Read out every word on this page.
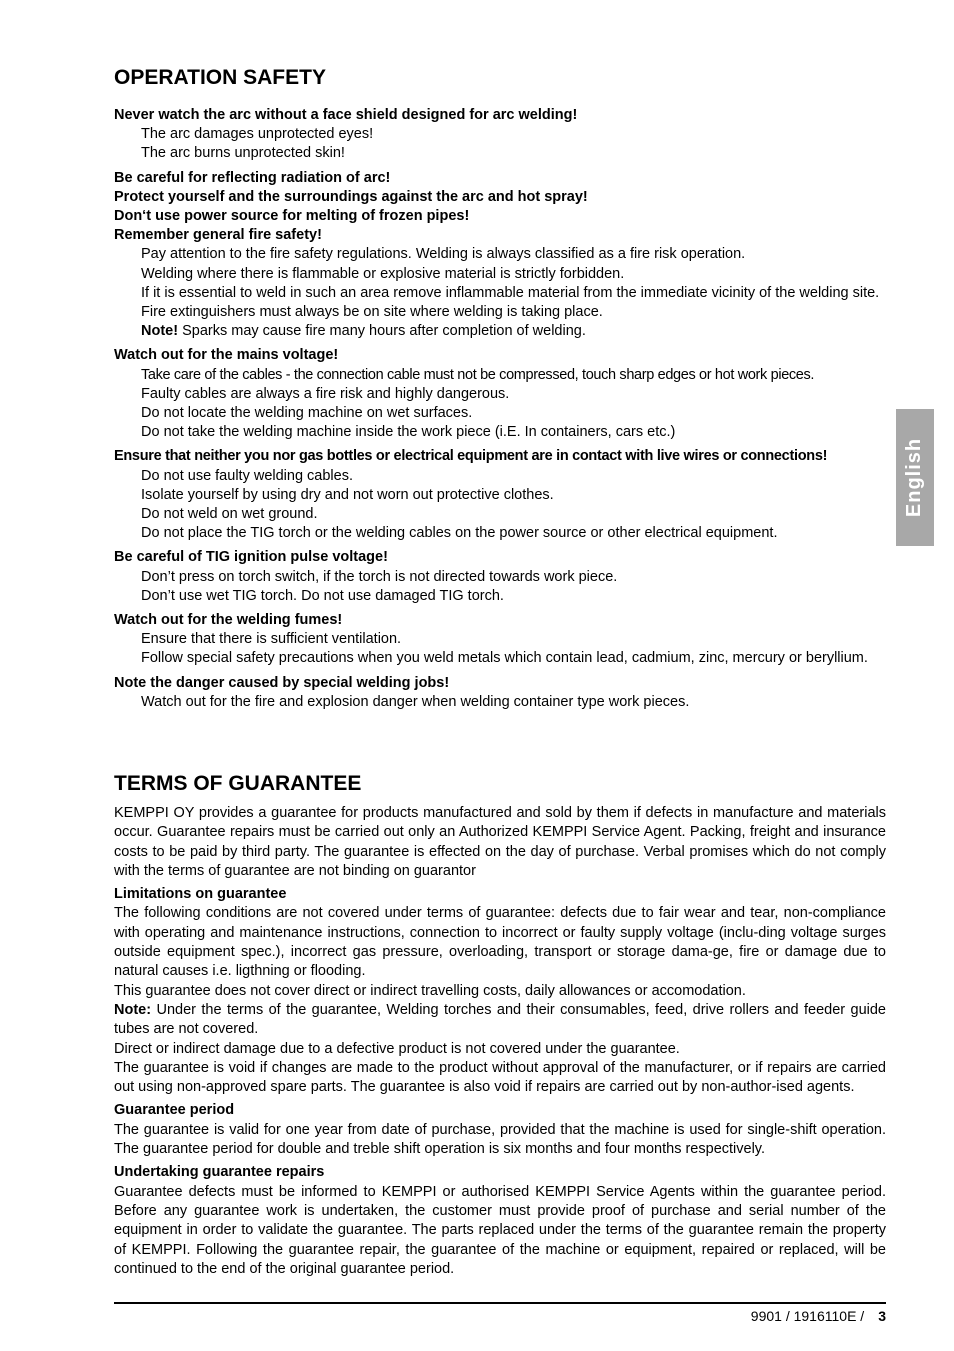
OPERATION SAFETY
Never watch the arc without a face shield designed for arc welding!
The arc damages unprotected eyes!
The arc burns unprotected skin!
Be careful for reflecting radiation of arc!
Protect yourself and the surroundings against the arc and hot spray!
Don‘t use power source for melting of frozen pipes!
Remember general fire safety!
Pay attention to the fire safety regulations. Welding is always classified as a fire risk operation.
Welding where there is flammable or explosive material is strictly forbidden.
If it is essential to weld in such an area remove inflammable material from the immediate vicinity of the welding site.
Fire extinguishers must always be on site where welding is taking place.
Note! Sparks may cause fire many hours after completion of welding.
Watch out for the mains voltage!
Take care of the cables - the connection cable must not be compressed, touch sharp edges or hot work pieces.
Faulty cables are always a fire risk and highly dangerous.
Do not locate the welding machine on wet surfaces.
Do not take the welding machine inside the work piece (i.E. In containers, cars etc.)
Ensure that neither you nor gas bottles or electrical equipment are in contact with live wires or connections!
Do not use faulty welding cables.
Isolate yourself by using dry and not worn out protective clothes.
Do not weld on wet ground.
Do not place the TIG torch or the welding cables on the power source or other electrical equipment.
Be careful of TIG ignition pulse voltage!
Don’t press on torch switch, if the torch is not directed towards work piece.
Don’t use wet TIG torch. Do not use damaged TIG torch.
Watch out for the welding fumes!
Ensure that there is sufficient ventilation.
Follow special safety precautions when you weld metals which contain lead, cadmium, zinc, mercury or beryllium.
Note the danger caused by special welding jobs!
Watch out for the fire and explosion danger when welding container type work pieces.
TERMS OF GUARANTEE
KEMPPI OY provides a guarantee for products manufactured and sold by them if defects in manufacture and materials occur. Guarantee repairs must be carried out only an Authorized KEMPPI Service Agent. Packing, freight and insurance costs to be paid by third party. The guarantee is effected on the day of purchase. Verbal promises which do not comply with the terms of guarantee are not binding on guarantor
Limitations on guarantee
The following conditions are not covered under terms of guarantee: defects due to fair wear and tear, non-compliance with operating and maintenance instructions, connection to incorrect or faulty supply voltage (inclu-ding voltage surges outside equipment spec.), incorrect gas pressure, overloading, transport or storage dama-ge, fire or damage due to natural causes i.e. ligthning or flooding.
This guarantee does not cover direct or indirect travelling costs, daily allowances or accomodation.
Note: Under the terms of the guarantee, Welding torches and their consumables, feed, drive rollers and feeder guide tubes are not covered.
Direct or indirect damage due to a defective product is not covered under the guarantee.
The guarantee is void if changes are made to the product without approval of the manufacturer, or if repairs are carried out using non-approved spare parts. The guarantee is also void if repairs are carried out by non-author-ised agents.
Guarantee period
The guarantee is valid for one year from date of purchase, provided that the machine is used for single-shift operation. The guarantee period for double and treble shift operation is six months and four months respectively.
Undertaking guarantee repairs
Guarantee defects must be informed to KEMPPI or authorised KEMPPI Service Agents within the guarantee period. Before any guarantee work is undertaken, the customer must provide proof of purchase and serial number of the equipment in order to validate the guarantee. The parts replaced under the terms of the guarantee remain the property of KEMPPI. Following the guarantee repair, the guarantee of the machine or equipment, repaired or replaced, will be continued to the end of the original guarantee period.
English
9901 / 1916110E / 3
